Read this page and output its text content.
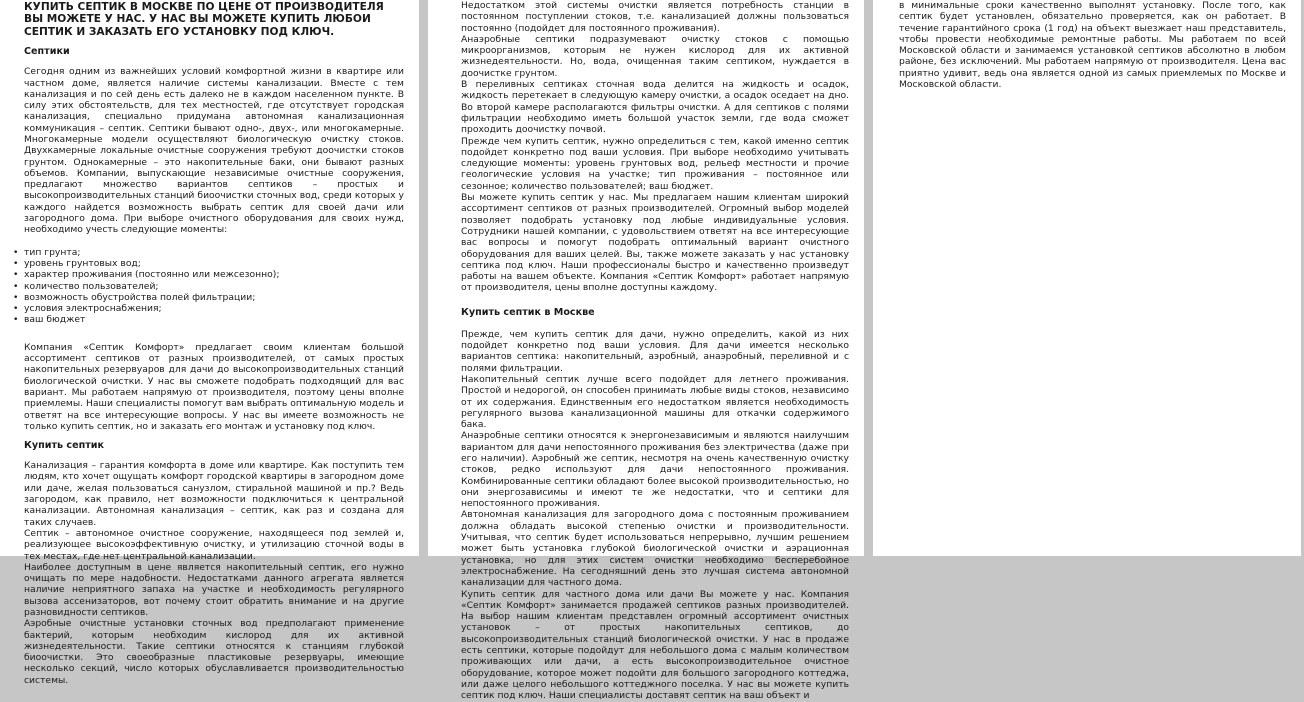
КУПИТЬ СЕПТИК В МОСКВЕ ПО ЦЕНЕ ОТ ПРОИЗВОДИТЕЛЯ ВЫ МОЖЕТЕ У НАС. У НАС ВЫ МОЖЕТЕ КУПИТЬ ЛЮБОИ СЕПТИК И ЗАКАЗАТЬ ЕГО УСТАНОВКУ ПОД КЛЮЧ.
Септики

Сегодня одним из важнейших условий комфортной жизни в квартире или частном доме, является наличие системы канализации. Вместе с тем канализация и по сей день есть далеко не в каждом населенном пункте. В силу этих обстоятельств, для тех местностей, где отсутствует городская канализация, специально придумана автономная канализационная коммуникация – септик. Септики бывают одно-, двух-, или многокамерные. Многокамерные модели осуществляют биологическую очистку стоков. Двухкамерные локальные очистные сооружения требуют доочистки стоков грунтом. Однокамерные – это накопительные баки, они бывают разных объемов. Компании, выпускающие независимые очистные сооружения, предлагают множество вариантов септиков – простых и высокопроизводительных станций биоочистки сточных вод, среди которых у каждого найдется возможность выбрать септик для своей дачи или загородного дома. При выборе очистного оборудования для своих нужд, необходимо учесть следующие моменты:

• тип грунта;
• уровень грунтовых вод;
• характер проживания (постоянно или межсезонно);
• количество пользователей;
• возможность обустройства полей фильтрации;
• условия электроснабжения;
• ваш бюджет

Компания «Септик Комфорт» предлагает своим клиентам большой ассортимент септиков от разных производителей, от самых простых накопительных резервуаров для дачи до высокопроизводительных станций биологической очистки. У нас вы сможете подобрать подходящий для вас вариант. Мы работаем напрямую от производителя, поэтому цены вполне приемлемы. Наши специалисты помогут вам выбрать оптимальную модель и ответят на все интересующие вопросы. У нас вы имеете возможность не только купить септик, но и заказать его монтаж и установку под ключ.

Купить септик

Канализация – гарантия комфорта в доме или квартире. Как поступить тем людям, кто хочет ощущать комфорт городской квартиры в загородном доме или даче, желая пользоваться санузлом, стиральной машиной и пр.? Ведь загородом, как правило, нет возможности подключиться к центральной канализации. Автономная канализация – септик, как раз и создана для таких случаев.

Септик – автономное очистное сооружение, находящееся под землей и, реализующее высокоэффективную очистку, и утилизацию сточной воды в тех местах, где нет центральной канализации.

Наиболее доступным в цене является накопительный септик, его нужно очищать по мере надобности. Недостатками данного агрегата является наличие неприятного запаха на участке и необходимость регулярного вызова ассенизаторов, вот почему стоит обратить внимание и на другие разновидности септиков.

Аэробные очистные установки сточных вод предполагают применение бактерий, которым необходим кислород для их активной жизнедеятельности. Такие септики относятся к станциям глубокой биоочистки. Это своеобразные пластиковые резервуары, имеющие несколько секций, число которых обуславливается производительностью системы.

Недостатком этой системы очистки является потребность станции в постоянном поступлении стоков, т.е. канализацией должны пользоваться постоянно (подойдет для постоянного проживания).

Анаэробные септики подразумевают очистку стоков с помощью микроорганизмов, которым не нужен кислород для их активной жизнедеятельности. Но, вода, очищенная таким септиком, нуждается в доочистке грунтом.

В переливных септиках сточная вода делится на жидкость и осадок, жидкость перетекает в следующую камеру очистки, а осадок оседает на дно. Во второй камере располагаются фильтры очистки. А для септиков с полями фильтрации необходимо иметь большой участок земли, где вода сможет проходить доочистку почвой.

Прежде чем купить септик, нужно определиться с тем, какой именно септик подойдет конкретно под ваши условия. При выборе необходимо учитывать следующие моменты: уровень грунтовых вод, рельеф местности и прочие геологические условия на участке; тип проживания – постоянное или сезонное; количество пользователей; ваш бюджет.

Вы можете купить септик у нас. Мы предлагаем нашим клиентам широкий ассортимент септиков от разных производителей. Огромный выбор моделей позволяет подобрать установку под любые индивидуальные условия. Сотрудники нашей компании, с удовольствием ответят на все интересующие вас вопросы и помогут подобрать оптимальный вариант очистного оборудования для ваших целей. Вы, также можете заказать у нас установку септика под ключ. Наши профессионалы быстро и качественно произведут работы на вашем объекте. Компания «Септик Комфорт» работает напрямую от производителя, цены вполне доступны каждому.

Купить септик в Москве

Прежде, чем купить септик для дачи, нужно определить, какой из них подойдет конкретно под ваши условия. Для дачи имеется несколько вариантов септика: накопительный, аэробный, анаэробный, переливной и с полями фильтрации.

Накопительный септик лучше всего подойдет для летнего проживания. Простой и недорогой, он способен принимать любые виды стоков, независимо от их содержания. Единственным его недостатком является необходимость регулярного вызова канализационной машины для откачки содержимого бака.

Анаэробные септики относятся к энергонезависимым и являются наилучшим вариантом для дачи непостоянного проживания без электричества (даже при его наличии). Аэробный же септик, несмотря на очень качественную очистку стоков, редко используют для дачи непостоянного проживания. Комбинированные септики обладают более высокой производительностью, но они энергозависимы и имеют те же недостатки, что и септики для непостоянного проживания.

Автономная канализация для загородного дома с постоянным проживанием должна обладать высокой степенью очистки и производительности. Учитывая, что септик будет использоваться непрерывно, лучшим решением может быть установка глубокой биологической очистки и аэрационная установка, но для этих систем очистки необходимо бесперебойное электроснабжение. На сегодняшний день это лучшая система автономной канализации для частного дома.

Купить септик для частного дома или дачи Вы можете у нас. Компания «Септик Комфорт» занимается продажей септиков разных производителей. На выбор нашим клиентам представлен огромный ассортимент очистных установок – от простых накопительных септиков, до высокопроизводительных станций биологической очистки. У нас в продаже есть септики, которые подойдут для небольшого дома с малым количеством проживающих или дачи, а есть высокопроизводительное очистное оборудование, которое может подойти для большого загородного коттеджа, или даже целого небольшого коттеджного поселка. У нас вы можете купить септик под ключ. Наши специалисты доставят септик на ваш объект и

в минимальные сроки качественно выполнят установку. После того, как септик будет установлен, обязательно проверяется, как он работает. В течение гарантийного срока (1 год) на объект выезжает наш представитель, чтобы провести необходимые ремонтные работы. Мы работаем по всей Московской области и занимаемся установкой септиков абсолютно в любом районе, без исключений. Мы работаем напрямую от производителя. Цена вас приятно удивит, ведь она является одной из самых приемлемых по Москве и Московской области.
